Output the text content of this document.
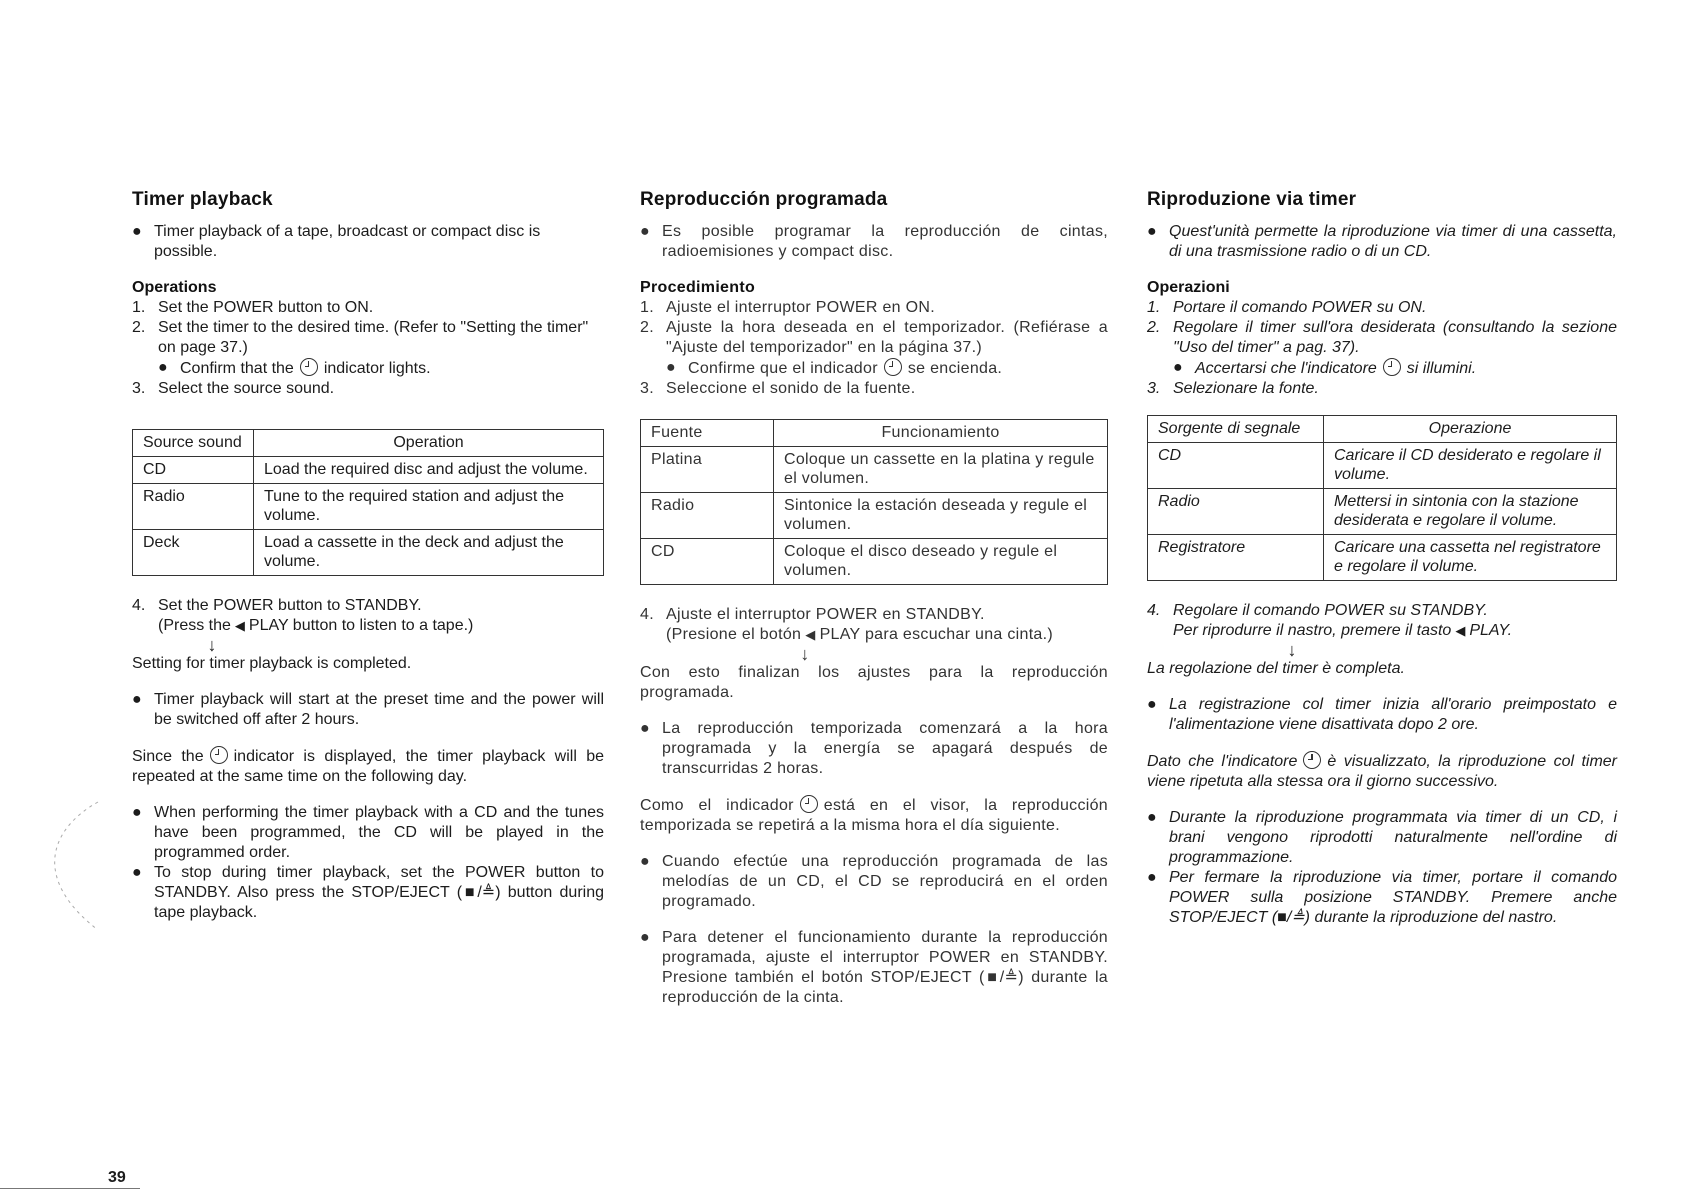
Timer playback

● Timer playback of a tape, broadcast or compact disc is possible.

Operations

1. Set the POWER button to ON.

2. Set the timer to the desired time. (Refer to "Setting the timer" on page 37.)

● Confirm that the indicator lights.

3. Select the source sound.

Source sound	Operation
CD	Load the required disc and adjust the volume.
Radio	Tune to the required station and adjust the volume.
Deck	Load a cassette in the deck and adjust the volume.

4. Set the POWER button to STANDBY.

(Press the ◀ PLAY button to listen to a tape.)

↓

Setting for timer playback is completed.

● Timer playback will start at the preset time and the power will be switched off after 2 hours.

Since the indicator is displayed, the timer playback will be repeated at the same time on the following day.

● When performing the timer playback with a CD and the tunes have been programmed, the CD will be played in the programmed order.

● To stop during timer playback, set the POWER button to STANDBY. Also press the STOP/EJECT (■/≜) button during tape playback.

Reproducción programada

● Es posible programar la reproducción de cintas, radioemisiones y compact disc.

Procedimiento

1. Ajuste el interruptor POWER en ON.

2. Ajuste la hora deseada en el temporizador. (Refiérase a "Ajuste del temporizador" en la página 37.)

● Confirme que el indicador se encienda.

3. Seleccione el sonido de la fuente.

Fuente	Funcionamiento
Platina	Coloque un cassette en la platina y regule el volumen.
Radio	Sintonice la estación deseada y regule el volumen.
CD	Coloque el disco deseado y regule el volumen.

4. Ajuste el interruptor POWER en STANDBY.

(Presione el botón ◀ PLAY para escuchar una cinta.)

↓

Con esto finalizan los ajustes para la reproducción programada.

● La reproducción temporizada comenzará a la hora programada y la energía se apagará después de transcurridas 2 horas.

Como el indicador está en el visor, la reproducción temporizada se repetirá a la misma hora el día siguiente.

● Cuando efectúe una reproducción programada de las melodías de un CD, el CD se reproducirá en el orden programado.

● Para detener el funcionamiento durante la reproducción programada, ajuste el interruptor POWER en STANDBY. Presione también el botón STOP/EJECT (■/≜) durante la reproducción de la cinta.

Riproduzione via timer

● Quest'unità permette la riproduzione via timer di una cassetta, di una trasmissione radio o di un CD.

Operazioni

1. Portare il comando POWER su ON.

2. Regolare il timer sull'ora desiderata (consultando la sezione "Uso del timer" a pag. 37).

● Accertarsi che l'indicatore si illumini.

3. Selezionare la fonte.

Sorgente di segnale	Operazione
CD	Caricare il CD desiderato e regolare il volume.
Radio	Mettersi in sintonia con la stazione desiderata e regolare il volume.
Registratore	Caricare una cassetta nel registratore e regolare il volume.

4. Regolare il comando POWER su STANDBY.

Per riprodurre il nastro, premere il tasto ◀ PLAY.

↓

La regolazione del timer è completa.

● La registrazione col timer inizia all'orario preimpostato e l'alimentazione viene disattivata dopo 2 ore.

Dato che l'indicatore è visualizzato, la riproduzione col timer viene ripetuta alla stessa ora il giorno successivo.

● Durante la riproduzione programmata via timer di un CD, i brani vengono riprodotti naturalmente nell'ordine di programmazione.

● Per fermare la riproduzione via timer, portare il comando POWER sulla posizione STANDBY. Premere anche STOP/EJECT (■/≜) durante la riproduzione del nastro.

39
